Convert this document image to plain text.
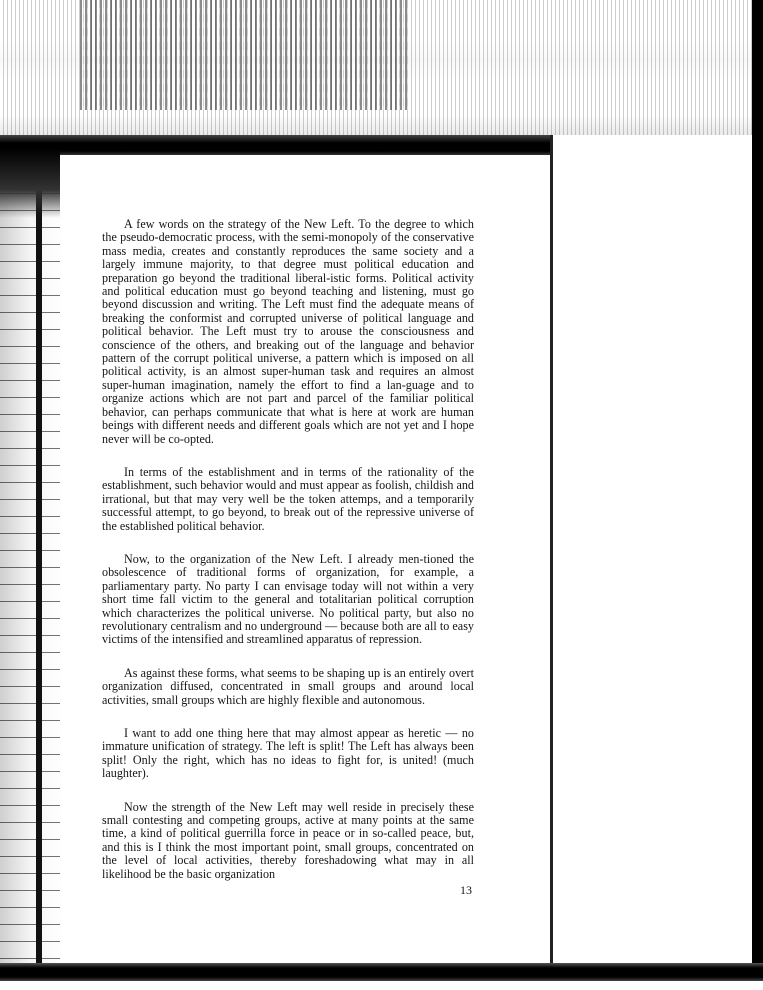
A few words on the strategy of the New Left. To the degree to which the pseudo-democratic process, with the semi-monopoly of the conservative mass media, creates and constantly reproduces the same society and a largely immune majority, to that degree must political education and preparation go beyond the traditional liberal-istic forms. Political activity and political education must go beyond teaching and listening, must go beyond discussion and writing. The Left must find the adequate means of breaking the conformist and corrupted universe of political language and political behavior. The Left must try to arouse the consciousness and conscience of the others, and breaking out of the language and behavior pattern of the corrupt political universe, a pattern which is imposed on all political activity, is an almost super-human task and requires an almost super-human imagination, namely the effort to find a lan-guage and to organize actions which are not part and parcel of the familiar political behavior, can perhaps communicate that what is here at work are human beings with different needs and different goals which are not yet and I hope never will be co-opted.

In terms of the establishment and in terms of the rationality of the establishment, such behavior would and must appear as foolish, childish and irrational, but that may very well be the token attemps, and a temporarily successful attempt, to go beyond, to break out of the repressive universe of the established political behavior.

Now, to the organization of the New Left. I already men-tioned the obsolescence of traditional forms of organization, for example, a parliamentary party. No party I can envisage today will not within a very short time fall victim to the general and totalitarian political corruption which characterizes the political universe. No political party, but also no revolutionary centralism and no underground — because both are all to easy victims of the intensified and streamlined apparatus of repression.

As against these forms, what seems to be shaping up is an entirely overt organization diffused, concentrated in small groups and around local activities, small groups which are highly flexible and autonomous.

I want to add one thing here that may almost appear as heretic — no immature unification of strategy. The left is split! The Left has always been split! Only the right, which has no ideas to fight for, is united! (much laughter).

Now the strength of the New Left may well reside in precisely these small contesting and competing groups, active at many points at the same time, a kind of political guerrilla force in peace or in so-called peace, but, and this is I think the most important point, small groups, concentrated on the level of local activities, thereby foreshadowing what may in all likelihood be the basic organization

13
